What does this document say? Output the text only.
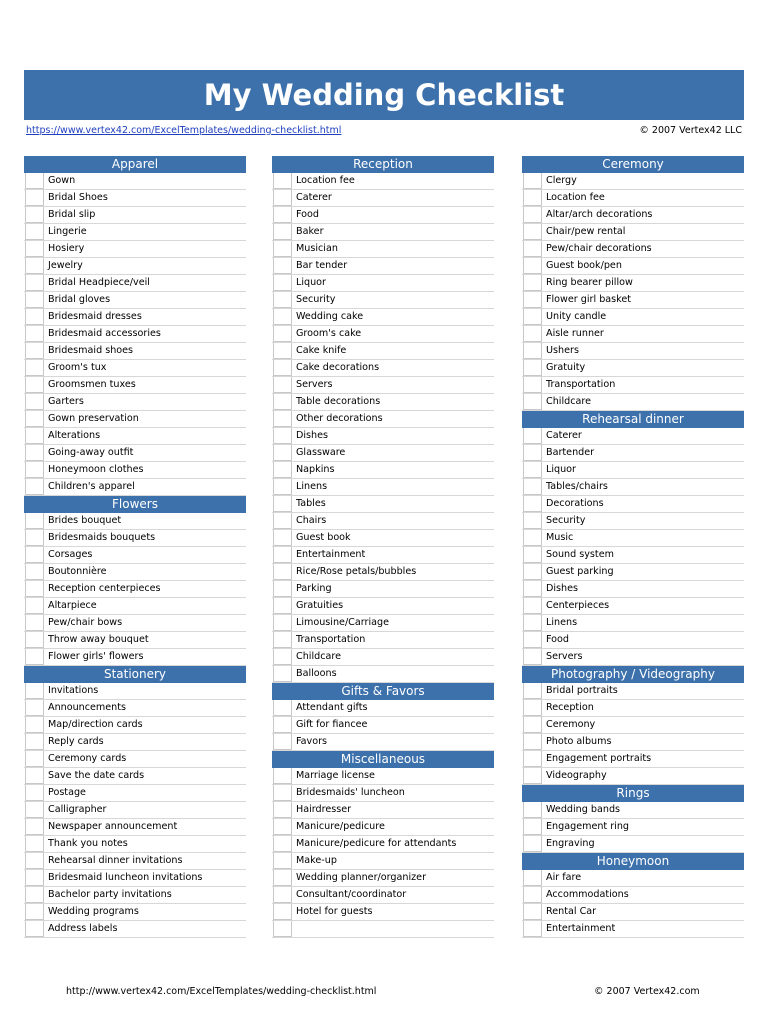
My Wedding Checklist
https://www.vertex42.com/ExcelTemplates/wedding-checklist.html	© 2007 Vertex42 LLC
Apparel
Gown
Bridal Shoes
Bridal slip
Lingerie
Hosiery
Jewelry
Bridal Headpiece/veil
Bridal gloves
Bridesmaid dresses
Bridesmaid accessories
Bridesmaid shoes
Groom's tux
Groomsmen tuxes
Garters
Gown preservation
Alterations
Going-away outfit
Honeymoon clothes
Children's apparel
Flowers
Brides bouquet
Bridesmaids bouquets
Corsages
Boutonnière
Reception centerpieces
Altarpiece
Pew/chair bows
Throw away bouquet
Flower girls' flowers
Stationery
Invitations
Announcements
Map/direction cards
Reply cards
Ceremony cards
Save the date cards
Postage
Calligrapher
Newspaper announcement
Thank you notes
Rehearsal dinner invitations
Bridesmaid luncheon invitations
Bachelor party invitations
Wedding programs
Address labels
Reception
Location fee
Caterer
Food
Baker
Musician
Bar tender
Liquor
Security
Wedding cake
Groom's cake
Cake knife
Cake decorations
Servers
Table decorations
Other decorations
Dishes
Glassware
Napkins
Linens
Tables
Chairs
Guest book
Entertainment
Rice/Rose petals/bubbles
Parking
Gratuities
Limousine/Carriage
Transportation
Childcare
Balloons
Gifts & Favors
Attendant gifts
Gift for fiancee
Favors
Miscellaneous
Marriage license
Bridesmaids' luncheon
Hairdresser
Manicure/pedicure
Manicure/pedicure for attendants
Make-up
Wedding planner/organizer
Consultant/coordinator
Hotel for guests
Ceremony
Clergy
Location fee
Altar/arch decorations
Chair/pew rental
Pew/chair decorations
Guest book/pen
Ring bearer pillow
Flower girl basket
Unity candle
Aisle runner
Ushers
Gratuity
Transportation
Childcare
Rehearsal dinner
Caterer
Bartender
Liquor
Tables/chairs
Decorations
Security
Music
Sound system
Guest parking
Dishes
Centerpieces
Linens
Food
Servers
Photography / Videography
Bridal portraits
Reception
Ceremony
Photo albums
Engagement portraits
Videography
Rings
Wedding bands
Engagement ring
Engraving
Honeymoon
Air fare
Accommodations
Rental Car
Entertainment
http://www.vertex42.com/ExcelTemplates/wedding-checklist.html	© 2007 Vertex42.com
